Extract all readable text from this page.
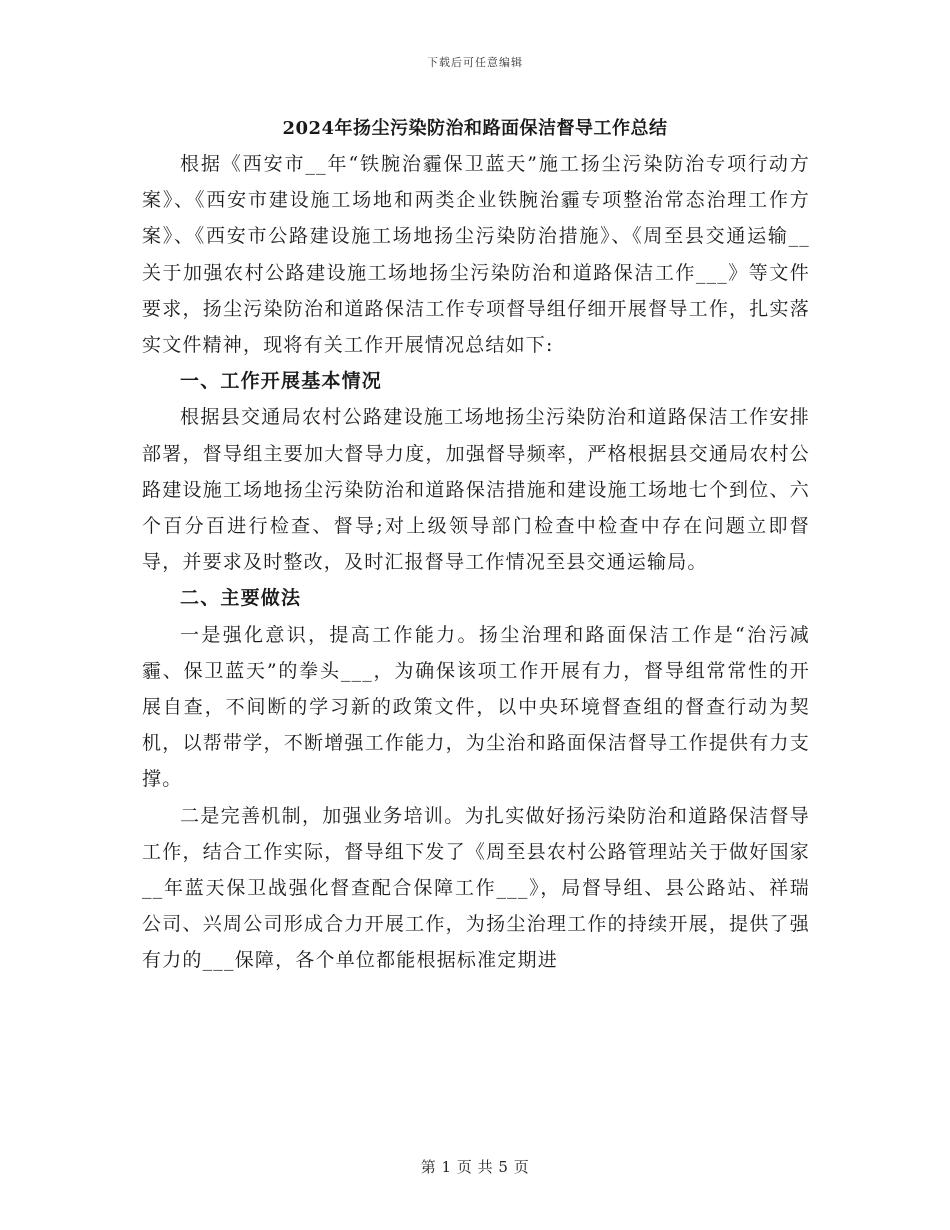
下载后可任意编辑
2024年扬尘污染防治和路面保洁督导工作总结

根据《西安市__年“铁腕治霾保卫蓝天”施工扬尘污染防治专项行动方案》、《西安市建设施工场地和两类企业铁腕治霾专项整治常态治理工作方案》、《西安市公路建设施工场地扬尘污染防治措施》、《周至县交通运输__关于加强农村公路建设施工场地扬尘污染防治和道路保洁工作___》等文件要求，扬尘污染防治和道路保洁工作专项督导组仔细开展督导工作，扎实落实文件精神，现将有关工作开展情况总结如下:

一、工作开展基本情况

根据县交通局农村公路建设施工场地扬尘污染防治和道路保洁工作安排部署，督导组主要加大督导力度，加强督导频率，严格根据县交通局农村公路建设施工场地扬尘污染防治和道路保洁措施和建设施工场地七个到位、六个百分百进行检查、督导;对上级领导部门检查中检查中存在问题立即督导，并要求及时整改，及时汇报督导工作情况至县交通运输局。

二、主要做法

一是强化意识，提高工作能力。扬尘治理和路面保洁工作是“治污减霾、保卫蓝天”的拳头___，为确保该项工作开展有力，督导组常常性的开展自查，不间断的学习新的政策文件，以中央环境督查组的督查行动为契机，以帮带学，不断增强工作能力，为尘治和路面保洁督导工作提供有力支撑。

二是完善机制，加强业务培训。为扎实做好扬污染防治和道路保洁督导工作，结合工作实际，督导组下发了《周至县农村公路管理站关于做好国家__年蓝天保卫战强化督查配合保障工作___》，局督导组、县公路站、祥瑞公司、兴周公司形成合力开展工作，为扬尘治理工作的持续开展，提供了强有力的___保障，各个单位都能根据标准定期进

第 1 页 共 5 页
